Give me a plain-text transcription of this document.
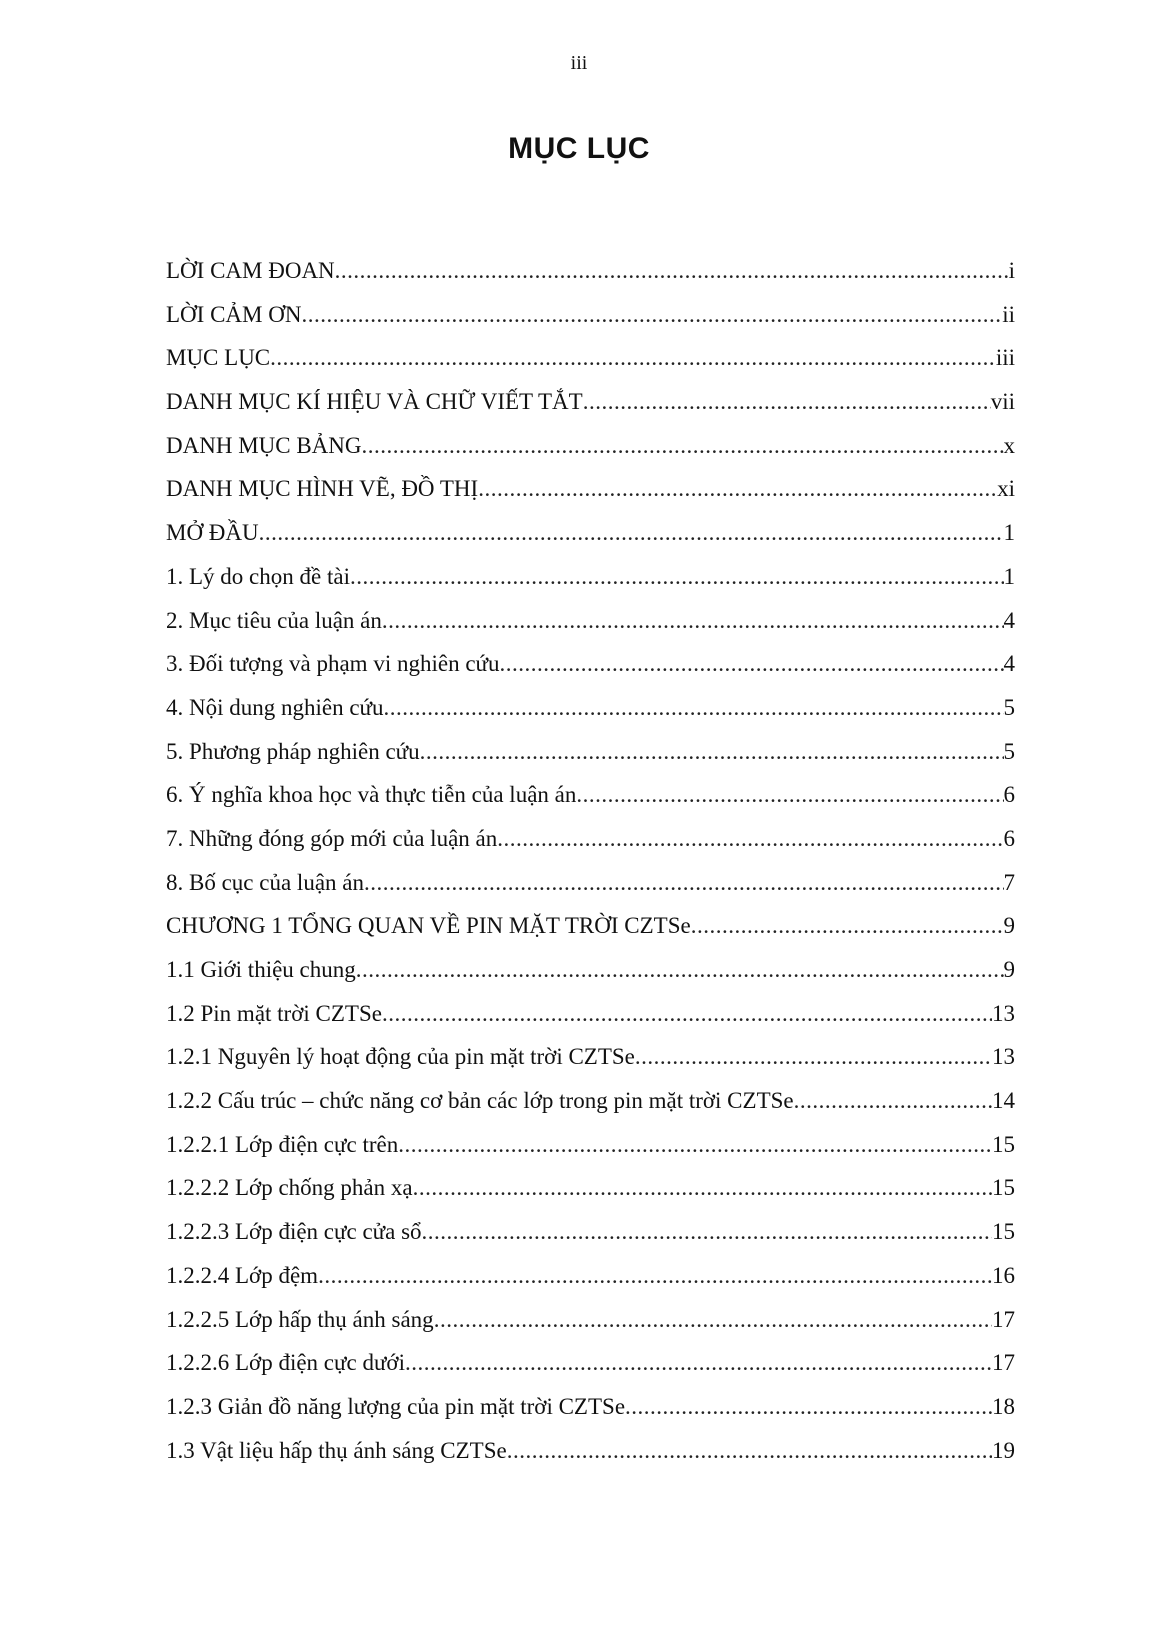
iii
MỤC LỤC
LỜI CAM ĐOAN .....	i
LỜI CẢM ƠN .....	ii
MỤC LỤC .....	iii
DANH MỤC KÍ HIỆU VÀ CHỮ VIẾT TẮT .....	vii
DANH MỤC BẢNG .....	x
DANH MỤC HÌNH VẼ, ĐỒ THỊ .....	xi
MỞ ĐẦU .....	1
1. Lý do chọn đề tài .....	1
2. Mục tiêu của luận án .....	4
3. Đối tượng và phạm vi nghiên cứu .....	4
4. Nội dung nghiên cứu .....	5
5. Phương pháp nghiên cứu .....	5
6. Ý nghĩa khoa học và thực tiễn của luận án .....	6
7. Những đóng góp mới của luận án .....	6
8. Bố cục của luận án .....	7
CHƯƠNG 1 TỔNG QUAN VỀ PIN MẶT TRỜI CZTSe .....	9
1.1 Giới thiệu chung .....	9
1.2 Pin mặt trời CZTSe .....	13
1.2.1 Nguyên lý hoạt động của pin mặt trời CZTSe .....	13
1.2.2 Cấu trúc – chức năng cơ bản các lớp trong pin mặt trời CZTSe .....	14
1.2.2.1 Lớp điện cực trên .....	15
1.2.2.2 Lớp chống phản xạ .....	15
1.2.2.3 Lớp điện cực cửa sổ .....	15
1.2.2.4 Lớp đệm .....	16
1.2.2.5 Lớp hấp thụ ánh sáng .....	17
1.2.2.6 Lớp điện cực dưới .....	17
1.2.3 Giản đồ năng lượng của pin mặt trời CZTSe .....	18
1.3 Vật liệu hấp thụ ánh sáng CZTSe .....	19
